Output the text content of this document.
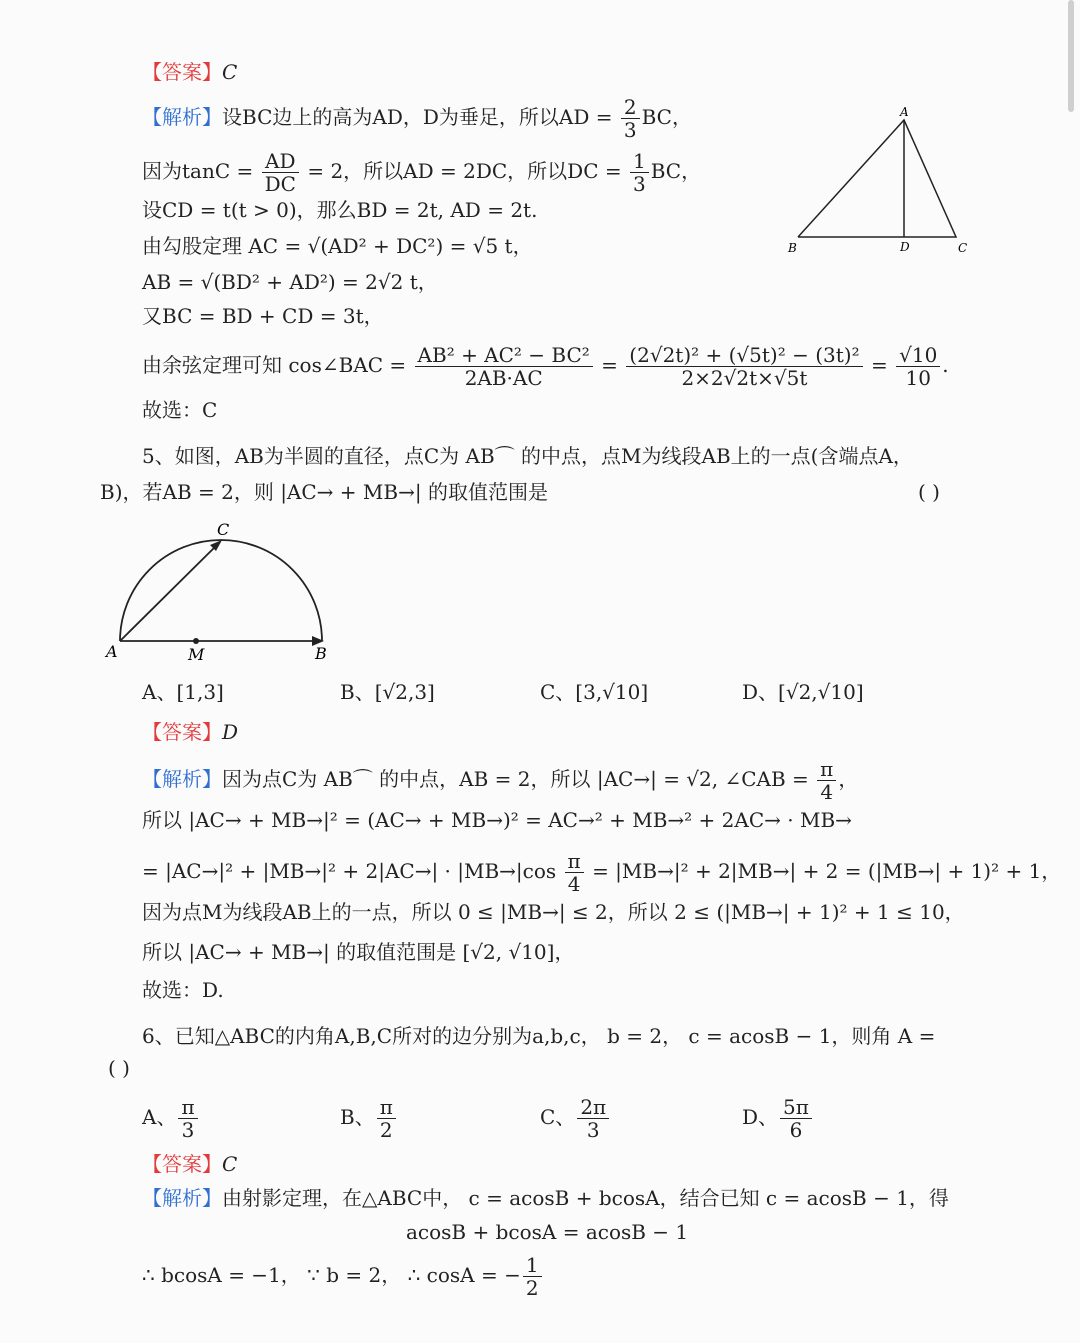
【答案】C
【解析】设BC边上的高为AD，D为垂足，所以AD = $\frac{2}{3}$ BC，
因为$\tan C = \frac{AD}{DC} = 2$，所以AD = 2DC，所以DC = $\frac{1}{3}$ BC，
设CD = t(t > 0)，那么BD = 2t, AD = 2t.
由勾股定理 AC = √(AD² + DC²) = √5 t，
AB = √(BD² + AD²) = 2√2 t，
又BC = BD + CD = 3t，
由余弦定理可知 cos∠BAC = $\frac{\text{AB² + AC² − BC²}}{2AB\cdot AC} = \frac{\text{(2√2t)² + (√5t)² − (3t)²}}{2\times 2√2t\times√5t} = \frac{√10}{10}$ .
故选：C
A
B	D	C
5、如图，AB为半圆的直径，点C为 AB⌒ 的中点，点M为线段AB上的一点(含端点A，
B)，若AB = 2，则 |AC→ + MB→| 的取值范围是	( )
C
A	M	B
A、[1,3]	B、[√2,3]	C、[3,√10]	D、[√2,√10]
【答案】D
【解析】因为点C为 AB⌒ 的中点，AB = 2，所以 |AC→| = √2, ∠CAB = $\frac{\pi}{4}$ ，
所以 |AC→ + MB→|² = (AC→ + MB→)² = AC→² + MB→² + 2AC→ · MB→
= $|AC\to|^2 + |MB\to|^2 + 2|AC\to| \cdot |MB\to|\cos \frac{\pi}{4} = |MB\to|^2 + 2|MB\to| + 2 = (|MB\to| + 1)^2 + 1$，
因为点M为线段AB上的一点，所以 0 ≤ |MB→| ≤ 2，所以 2 ≤ (|MB→| + 1)² + 1 ≤ 10，
所以 |AC→ + MB→| 的取值范围是 [√2, √10]，
故选：D.
6、已知△ABC的内角A,B,C所对的边分别为a,b,c， b = 2， c = acosB − 1，则角 A =
( )
A、 $\frac{\pi}{3}$	B、 $\frac{\pi}{2}$	C、 $\frac{2\pi}{3}$	D、 $\frac{5\pi}{6}$
【答案】C
【解析】由射影定理，在△ABC中， c = acosB + bcosA，结合已知 c = acosB − 1，得
acosB + bcosA = acosB − 1
∴ bcosA = −1， ∵ b = 2， ∴ cosA = − $\frac{1}{2}$
